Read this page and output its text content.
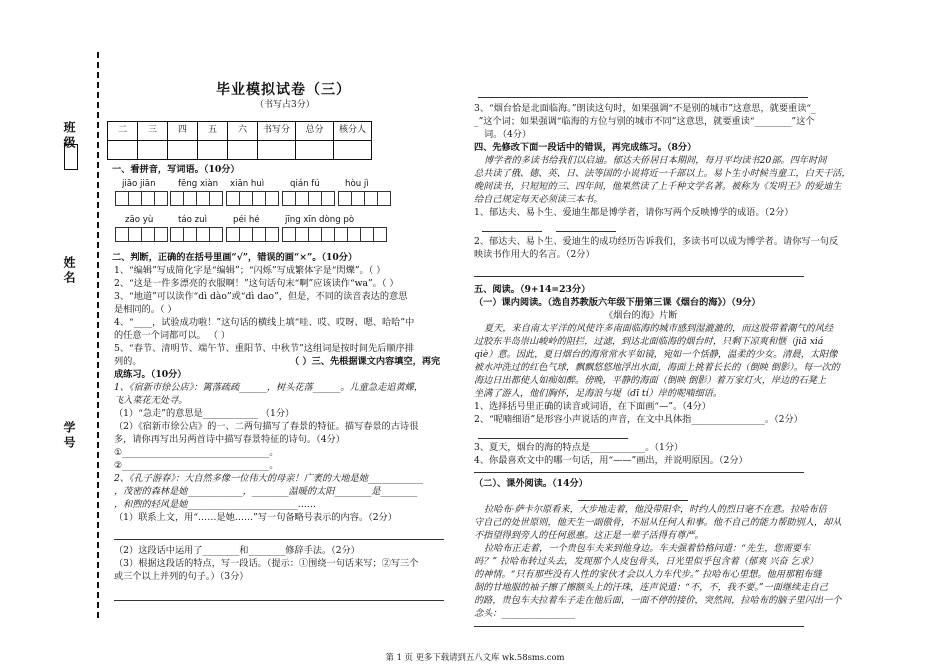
班级
姓名
学号
毕业模拟试卷（三）
（书写占3分）
二	三	四	五	六	书写分	总分	核分人

一、看拼音，写词语。（10分）
jiāo jiān	fēng xiàn xiān huì	qián fú	hòu jì
zāo yù	táo zuì	péi hé	jīng xīn dòng pò
二、判断，正确的在括号里画“√”，错误的画“×”。（10分）
1、“编辑”写成简化字是“编辑”；“闪烁”写成繁体字是“閃爍”。（ ）
2、“这是一件多漂亮的衣服啊！”这句话句末“啊”应该读作“wa”。（ ）
3、“地道”可以读作“dì dào”或“dì dao”，但是，不同的读音表达的意思
是相同的。（ ）
4、“____，试验成功啦！”这句话的横线上填“哇、哎、哎呀、嗯、哈哈”中
的任意一个词都可以。 （ ）
5、“春节、清明节、端午节、重阳节、中秋节”这组词是按时间先后顺序排
列的。	（ ）三、先根据课文内容填空，再完
成练习。（10分）
1、《宿新市徐公店》：篱落疏疏______，树头花落______。儿童急走追黄蝶，
飞入菜花无处寻。
（1）“急走”的意思是____________ （1分）
（2）《宿新市徐公店》的一、二两句描写了春景的特征。描写春景的古诗很
多，请你再写出另两首诗中描写春景特征的诗句。（4分）
①________________________________。
②________________________________。
2、《孔子游春》：大自然多像一位伟大的母亲！广袤的大地是她____________
，茂密的森林是她____________，________温暖的太阳________是________
，和煦的轻风是她________________________……
（1）联系上文，用“……是她……”写一句备略号表示的内容。（2分）
（2）这段话中运用了________和________修辞手法。（2分）
（3）根据这段话的特点，写一段话。（提示：①围绕一句话来写；②写三个
或三个以上并列的句子。）（3分）
3、“烟台恰是北面临海。”朗读这句时，如果强调“不是别的城市”这意思，就要重读“_
_”这个词；如果强调“临海的方位与别的城市不同”这意思，就要重读“________”这个
词。（4分）
四、先修改下面一段话中的错误，再完成练习。（8分）
博学者的多读书给我们以启迪。郁达夫侨居日本期间，每月平均读书20部。四年时间
总共读了俄、德、英、日、法等国的小说将近一千部以上。易卜生小时候当童工，白天干活，
晚间读书，只短短的三、四年间，他果然读了上千种文学名著。被称为《发明王》的爱迪生
给自己规定每天必须读三本书。
1、郁达夫、易卜生、爱迪生都是博学者，请你写两个反映博学的成语。（2分）
2、郁达夫、易卜生、爱迪生的成功经历告诉我们，多读书可以成为博学者。请你写一句反
映读书作用大的名言。（2分）
五、阅读。（9+14=23分）
（一）课内阅读。（选自苏教版六年级下册第三课《烟台的海》）（9分）
《烟台的海》片断
夏天，来自南太平洋的风使许多南面临海的城市感到湿漉漉的，而这股带着潮气的风经
过胶东半岛崇山峻岭的阻拦，过滤，到达北面临海的烟台时，只剩下凉爽和惬（jiā xiá
qiè）意。因此，夏日烟台的海常常水平如镜，宛如一个恬静，温柔的少女。清晨，太阳像
被水冲洗过的红色气球，飘飘悠悠地浮出水面，海面上挑着长长的（倒映 倒影）。每一次的
海边日出都使人如痴如醉。傍晚，平静的海面（倒映 倒影）着万家灯火，岸边的石凳上
坐满了游人，他们胸怀，足海浪与堤（dī tí）岸的呢喃细语。
1、选择括号里正确的读音或词语，在下面画“—”。（4分）
2、“呢喃细语”是形容小声说话的声音，在文中具体指________________。（2分）
3、夏天，烟台的海的特点是____________。（1分）
4、你最喜欢文中的哪一句话，用“——”画出，并说明原因。（2分）
（二）、课外阅读。（14分）
拉哈布·萨卡尔原看来，大步地走着，他没带阳伞，时约人的烈日毫不在意。拉哈布倍
守自己的处世原则，他天生一副傲骨，不屈从任何人和事。他不自己的能力帮助别人，却从
不指望得到旁人的任何恩惠。这正是一辈子活得有尊严。
拉哈布正走着，一个贵包车夫来到他身边。车夫强着恰格问道：“先生，您需要车
吗？” 拉哈布转过头去，发现那个人皮包骨头，日光里似乎包含着（郁爽 兴奋 乞求）
的神情。“只有那些没有人性的家伙才会以人力车代步。” 拉哈布心里想。他用那粗布缝
制的甘地服的袖子擦了擦额头上的汗珠，连声说道：“不，不，我不要。”一面继续走自己
的路，贵包车夫拉着车子走在他后面，一面不停的接价，突然间，拉哈布的脑子里闪出一个
念头：________________
第 1 页 更多下载请到五八文库 wk.58sms.com
